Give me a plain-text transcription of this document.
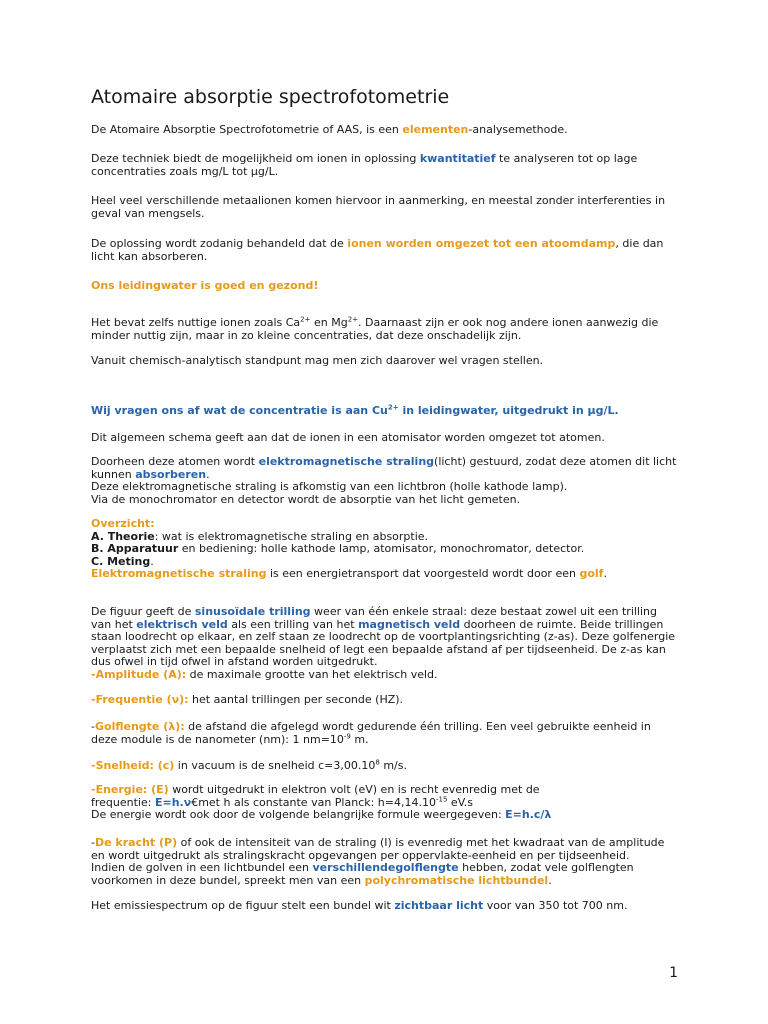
Atomaire absorptie spectrofotometrie

De Atomaire Absorptie Spectrofotometrie of AAS, is een elementen-analysemethode.

Deze techniek biedt de mogelijkheid om ionen in oplossing kwantitatief te analyseren tot op lage
concentraties zoals mg/L tot µg/L.

Heel veel verschillende metaalionen komen hiervoor in aanmerking, en meestal zonder interferenties in
geval van mengsels.

De oplossing wordt zodanig behandeld dat de ionen worden omgezet tot een atoomdamp, die dan
licht kan absorberen.

Ons leidingwater is goed en gezond!

Het bevat zelfs nuttige ionen zoals $Ca^{2+}$ en $Mg^{2+}$. Daarnaast zijn er ook nog andere ionen aanwezig die
minder nuttig zijn, maar in zo kleine concentraties, dat deze onschadelijk zijn.

Vanuit chemisch-analytisch standpunt mag men zich daarover wel vragen stellen.

Wij vragen ons af wat de concentratie is aan $Cu^{2+}$ in leidingwater, uitgedrukt in µg/L.

Dit algemeen schema geeft aan dat de ionen in een atomisator worden omgezet tot atomen.

Doorheen deze atomen wordt elektromagnetische straling(licht) gestuurd, zodat deze atomen dit licht
kunnen absorberen.
Deze elektromagnetische straling is afkomstig van een lichtbron (holle kathode lamp).
Via de monochromator en detector wordt de absorptie van het licht gemeten.

Overzicht:
A. Theorie: wat is elektromagnetische straling en absorptie.
B. Apparatuur en bediening: holle kathode lamp, atomisator, monochromator, detector.
C. Meting.
Elektromagnetische straling is een energietransport dat voorgesteld wordt door een golf.

De figuur geeft de sinusoïdale trilling weer van één enkele straal: deze bestaat zowel uit een trilling
van het elektrisch veld als een trilling van het magnetisch veld doorheen de ruimte. Beide trillingen
staan loodrecht op elkaar, en zelf staan ze loodrecht op de voortplantingsrichting (z-as). Deze golfenergie
verplaatst zich met een bepaalde snelheid of legt een bepaalde afstand af per tijdseenheid. De z-as kan
dus ofwel in tijd ofwel in afstand worden uitgedrukt.
-Amplitude (A): de maximale grootte van het elektrisch veld.

-Frequentie (ν): het aantal trillingen per seconde (HZ).

-Golflengte (λ): de afstand die afgelegd wordt gedurende één trilling. Een veel gebruikte eenheid in
deze module is de nanometer (nm): 1 $nm=10^{-9}$ m.

-Snelheid: (c) in vacuum is de snelheid $c=3,00.10^8$ m/s.

-Energie: (E) wordt uitgedrukt in elektron volt (eV) en is recht evenredig met de
frequentie: E=h.ν€met h als constante van Planck: $h=4,14.10^{-15}$ eV.s
De energie wordt ook door de volgende belangrijke formule weergegeven: E=h.c/λ

-De kracht (P) of ook de intensiteit van de straling (I) is evenredig met het kwadraat van de amplitude
en wordt uitgedrukt als stralingskracht opgevangen per oppervlakte-eenheid en per tijdseenheid.
Indien de golven in een lichtbundel een verschillendegolflengte hebben, zodat vele golflengten
voorkomen in deze bundel, spreekt men van een polychromatische lichtbundel.

Het emissiespectrum op de figuur stelt een bundel wit zichtbaar licht voor van 350 tot 700 nm.

1
